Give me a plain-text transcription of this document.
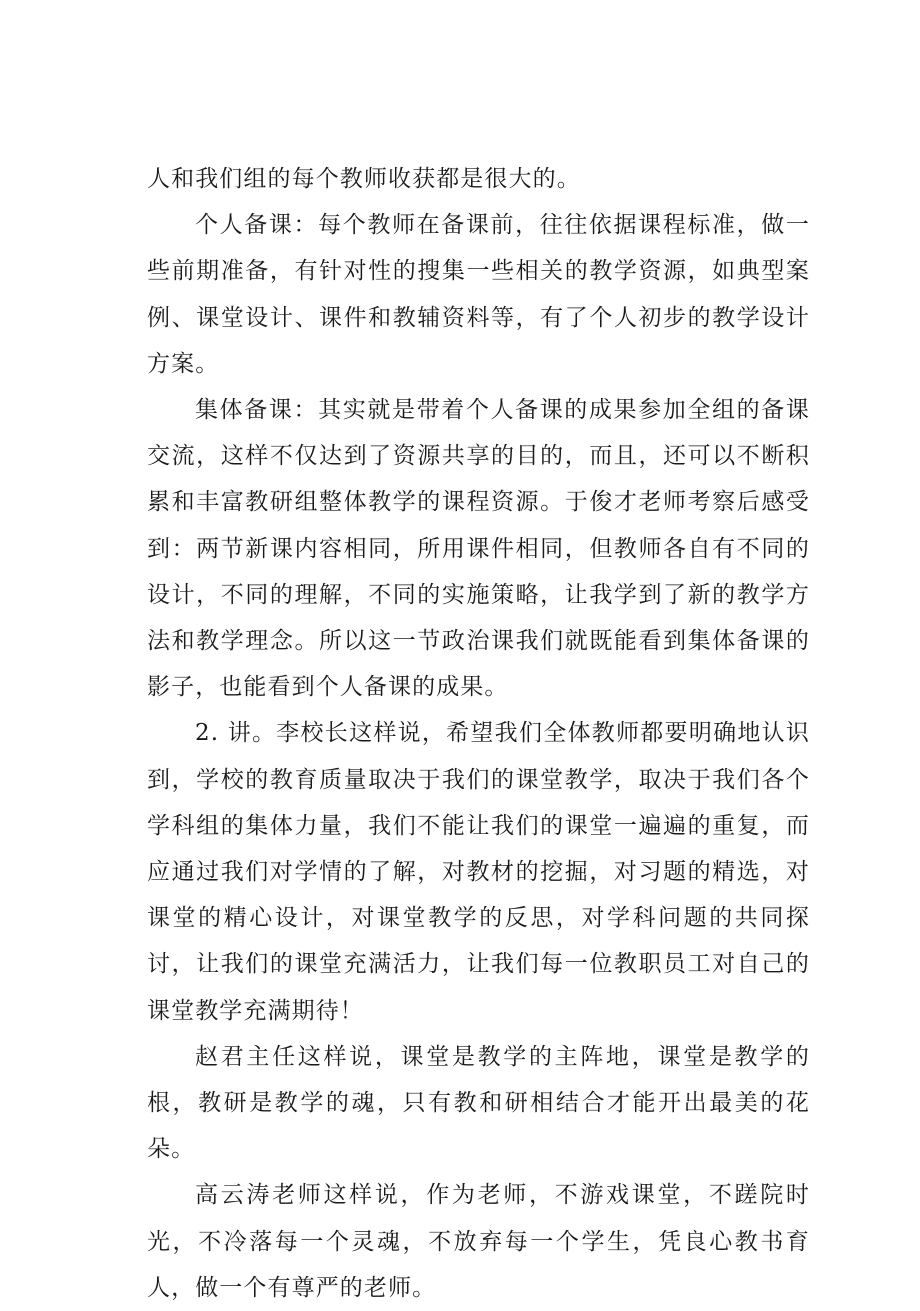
人和我们组的每个教师收获都是很大的。

个人备课：每个教师在备课前，往往依据课程标准，做一些前期准备，有针对性的搜集一些相关的教学资源，如典型案例、课堂设计、课件和教辅资料等，有了个人初步的教学设计方案。

集体备课：其实就是带着个人备课的成果参加全组的备课交流，这样不仅达到了资源共享的目的，而且，还可以不断积累和丰富教研组整体教学的课程资源。于俊才老师考察后感受到：两节新课内容相同，所用课件相同，但教师各自有不同的设计，不同的理解，不同的实施策略，让我学到了新的教学方法和教学理念。所以这一节政治课我们就既能看到集体备课的影子，也能看到个人备课的成果。

2. 讲。李校长这样说，希望我们全体教师都要明确地认识到，学校的教育质量取决于我们的课堂教学，取决于我们各个学科组的集体力量，我们不能让我们的课堂一遍遍的重复，而应通过我们对学情的了解，对教材的挖掘，对习题的精选，对课堂的精心设计，对课堂教学的反思，对学科问题的共同探讨，让我们的课堂充满活力，让我们每一位教职员工对自己的课堂教学充满期待！

赵君主任这样说，课堂是教学的主阵地，课堂是教学的根，教研是教学的魂，只有教和研相结合才能开出最美的花朵。

高云涛老师这样说，作为老师，不游戏课堂，不蹉院时光，不冷落每一个灵魂，不放弃每一个学生，凭良心教书育人，做一个有尊严的老师。
